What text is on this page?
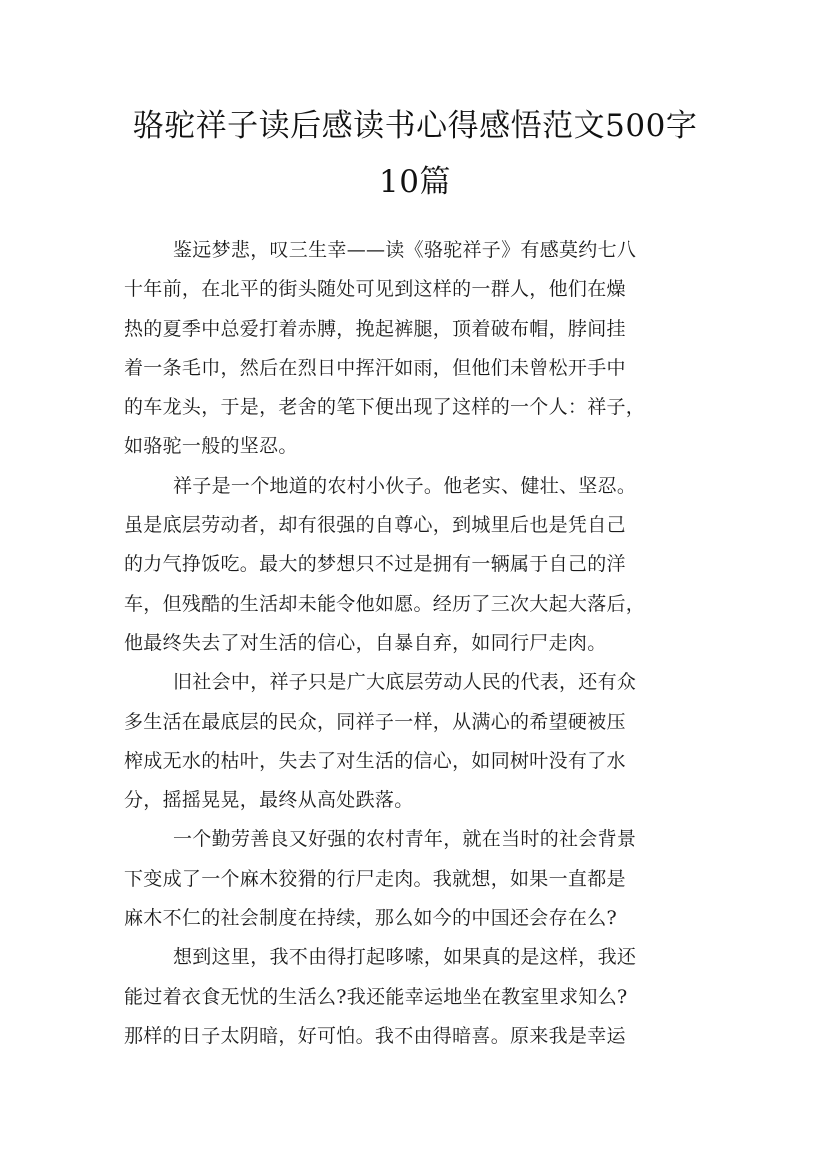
骆驼祥子读后感读书心得感悟范文500字
10篇
鉴远梦悲，叹三生幸——读《骆驼祥子》有感莫约七八
十年前，在北平的街头随处可见到这样的一群人，他们在燥
热的夏季中总爱打着赤膊，挽起裤腿，顶着破布帽，脖间挂
着一条毛巾，然后在烈日中挥汗如雨，但他们未曾松开手中
的车龙头，于是，老舍的笔下便出现了这样的一个人：祥子，
如骆驼一般的坚忍。
祥子是一个地道的农村小伙子。他老实、健壮、坚忍。
虽是底层劳动者，却有很强的自尊心，到城里后也是凭自己
的力气挣饭吃。最大的梦想只不过是拥有一辆属于自己的洋
车，但残酷的生活却未能令他如愿。经历了三次大起大落后，
他最终失去了对生活的信心，自暴自弃，如同行尸走肉。
旧社会中，祥子只是广大底层劳动人民的代表，还有众
多生活在最底层的民众，同祥子一样，从满心的希望硬被压
榨成无水的枯叶，失去了对生活的信心，如同树叶没有了水
分，摇摇晃晃，最终从高处跌落。
一个勤劳善良又好强的农村青年，就在当时的社会背景
下变成了一个麻木狡猾的行尸走肉。我就想，如果一直都是
麻木不仁的社会制度在持续，那么如今的中国还会存在么?
想到这里，我不由得打起哆嗦，如果真的是这样，我还
能过着衣食无忧的生活么?我还能幸运地坐在教室里求知么?
那样的日子太阴暗，好可怕。我不由得暗喜。原来我是幸运
